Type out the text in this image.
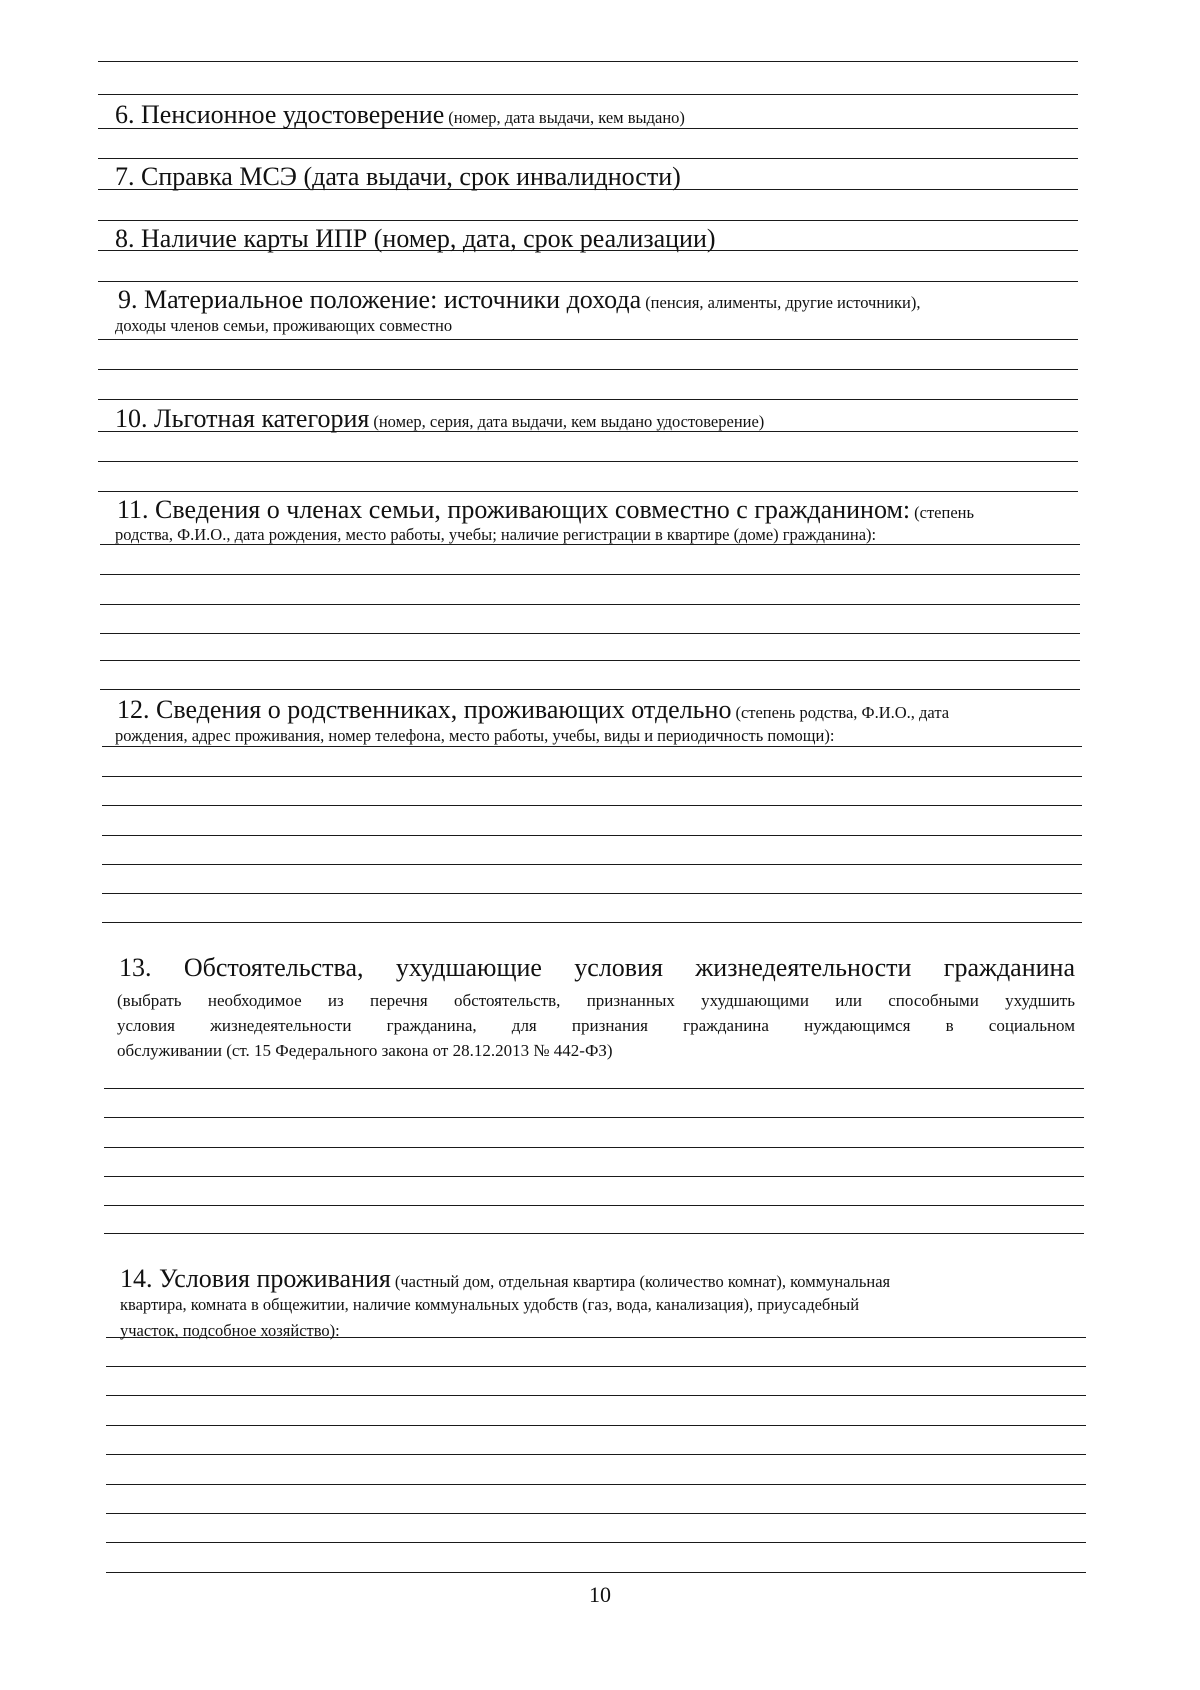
6. Пенсионное удостоверение (номер, дата выдачи, кем выдано)
7. Справка МСЭ (дата выдачи, срок инвалидности)
8. Наличие карты ИПР (номер, дата, срок реализации)
9. Материальное положение: источники дохода (пенсия, алименты, другие источники),
доходы членов семьи, проживающих совместно
10. Льготная категория (номер, серия, дата выдачи, кем выдано удостоверение)
11. Сведения о членах семьи, проживающих совместно с гражданином: (степень
родства, Ф.И.О., дата рождения, место работы, учебы; наличие регистрации в квартире (доме) гражданина):
12. Сведения о родственниках, проживающих отдельно (степень родства, Ф.И.О., дата
рождения, адрес проживания, номер телефона, место работы, учебы, виды и периодичность помощи):
13. Обстоятельства, ухудшающие условия жизнедеятельности гражданина
(выбрать необходимое из перечня обстоятельств, признанных ухудшающими или способными ухудшить
условия жизнедеятельности гражданина, для признания гражданина нуждающимся в социальном
обслуживании (ст. 15 Федерального закона от 28.12.2013 № 442-ФЗ)
14. Условия проживания (частный дом, отдельная квартира (количество комнат), коммунальная
квартира, комната в общежитии, наличие коммунальных удобств (газ, вода, канализация), приусадебный
участок, подсобное хозяйство):
10
